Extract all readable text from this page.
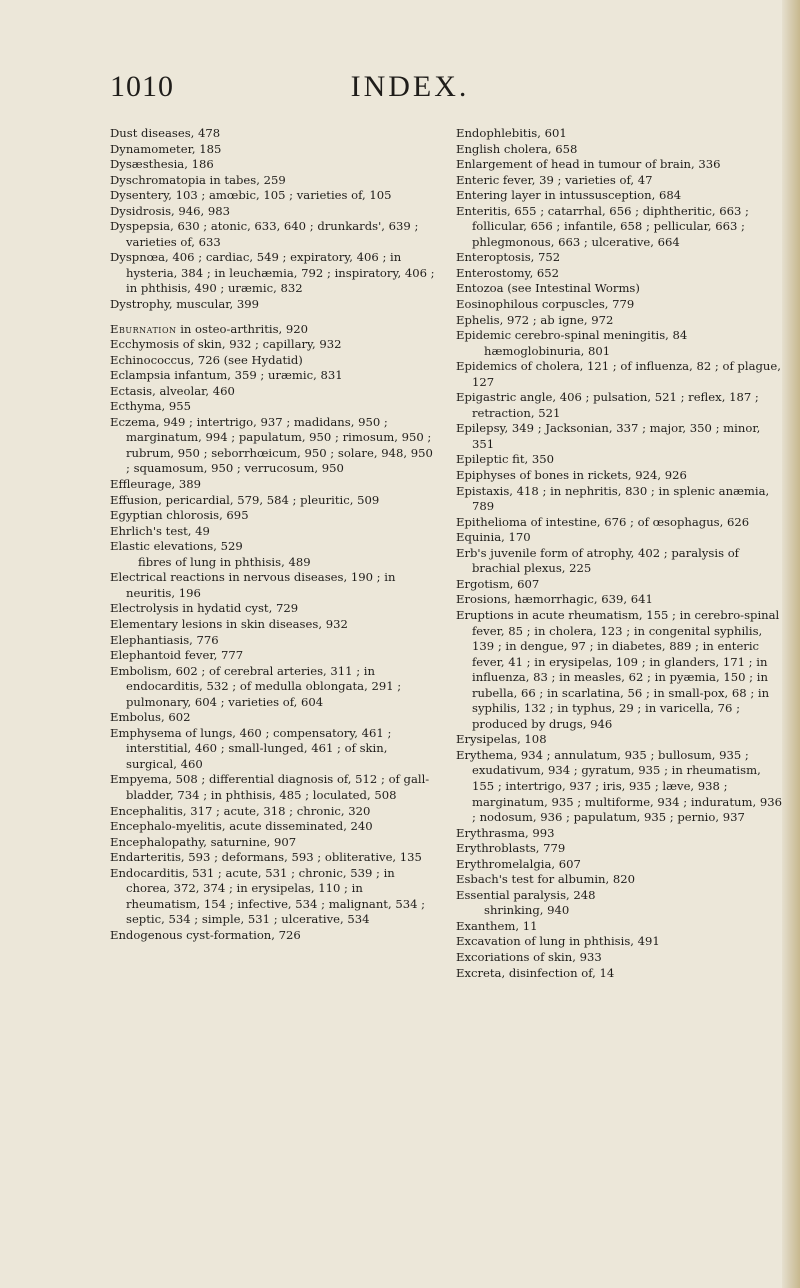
1010	INDEX.

Dust diseases, 478

Dynamometer, 185

Dysæsthesia, 186

Dyschromatopia in tabes, 259

Dysentery, 103 ; amœbic, 105 ; varieties of, 105

Dysidrosis, 946, 983

Dyspepsia, 630 ; atonic, 633, 640 ; drunkards', 639 ; varieties of, 633

Dyspnœa, 406 ; cardiac, 549 ; expiratory, 406 ; in hysteria, 384 ; in leuchæmia, 792 ; inspiratory, 406 ; in phthisis, 490 ; uræmic, 832

Dystrophy, muscular, 399

Eburnation in osteo-arthritis, 920

Ecchymosis of skin, 932 ; capillary, 932

Echinococcus, 726 (see Hydatid)

Eclampsia infantum, 359 ; uræmic, 831

Ectasis, alveolar, 460

Ecthyma, 955

Eczema, 949 ; intertrigo, 937 ; madidans, 950 ; marginatum, 994 ; papulatum, 950 ; rimosum, 950 ; rubrum, 950 ; seborrhœicum, 950 ; solare, 948, 950 ; squamosum, 950 ; verrucosum, 950

Effleurage, 389

Effusion, pericardial, 579, 584 ; pleuritic, 509

Egyptian chlorosis, 695

Ehrlich's test, 49

Elastic elevations, 529

fibres of lung in phthisis, 489

Electrical reactions in nervous diseases, 190 ; in neuritis, 196

Electrolysis in hydatid cyst, 729

Elementary lesions in skin diseases, 932

Elephantiasis, 776

Elephantoid fever, 777

Embolism, 602 ; of cerebral arteries, 311 ; in endocarditis, 532 ; of medulla oblongata, 291 ; pulmonary, 604 ; varieties of, 604

Embolus, 602

Emphysema of lungs, 460 ; compensatory, 461 ; interstitial, 460 ; small-lunged, 461 ; of skin, surgical, 460

Empyema, 508 ; differential diagnosis of, 512 ; of gall-bladder, 734 ; in phthisis, 485 ; loculated, 508

Encephalitis, 317 ; acute, 318 ; chronic, 320

Encephalo-myelitis, acute disseminated, 240

Encephalopathy, saturnine, 907

Endarteritis, 593 ; deformans, 593 ; obliterative, 135

Endocarditis, 531 ; acute, 531 ; chronic, 539 ; in chorea, 372, 374 ; in erysipelas, 110 ; in rheumatism, 154 ; infective, 534 ; malignant, 534 ; septic, 534 ; simple, 531 ; ulcerative, 534

Endogenous cyst-formation, 726

Endophlebitis, 601

English cholera, 658

Enlargement of head in tumour of brain, 336

Enteric fever, 39 ; varieties of, 47

Entering layer in intussusception, 684

Enteritis, 655 ; catarrhal, 656 ; diphtheritic, 663 ; follicular, 656 ; infantile, 658 ; pellicular, 663 ; phlegmonous, 663 ; ulcerative, 664

Enteroptosis, 752

Enterostomy, 652

Entozoa (see Intestinal Worms)

Eosinophilous corpuscles, 779

Ephelis, 972 ; ab igne, 972

Epidemic cerebro-spinal meningitis, 84

hæmoglobinuria, 801

Epidemics of cholera, 121 ; of influenza, 82 ; of plague, 127

Epigastric angle, 406 ; pulsation, 521 ; reflex, 187 ; retraction, 521

Epilepsy, 349 ; Jacksonian, 337 ; major, 350 ; minor, 351

Epileptic fit, 350

Epiphyses of bones in rickets, 924, 926

Epistaxis, 418 ; in nephritis, 830 ; in splenic anæmia, 789

Epithelioma of intestine, 676 ; of œsophagus, 626

Equinia, 170

Erb's juvenile form of atrophy, 402 ; paralysis of brachial plexus, 225

Ergotism, 607

Erosions, hæmorrhagic, 639, 641

Eruptions in acute rheumatism, 155 ; in cerebro-spinal fever, 85 ; in cholera, 123 ; in congenital syphilis, 139 ; in dengue, 97 ; in diabetes, 889 ; in enteric fever, 41 ; in erysipelas, 109 ; in glanders, 171 ; in influenza, 83 ; in measles, 62 ; in pyæmia, 150 ; in rubella, 66 ; in scarlatina, 56 ; in small-pox, 68 ; in syphilis, 132 ; in typhus, 29 ; in varicella, 76 ; produced by drugs, 946

Erysipelas, 108

Erythema, 934 ; annulatum, 935 ; bullosum, 935 ; exudativum, 934 ; gyratum, 935 ; in rheumatism, 155 ; intertrigo, 937 ; iris, 935 ; læve, 938 ; marginatum, 935 ; multiforme, 934 ; induratum, 936 ; nodosum, 936 ; papulatum, 935 ; pernio, 937

Erythrasma, 993

Erythroblasts, 779

Erythromelalgia, 607

Esbach's test for albumin, 820

Essential paralysis, 248

shrinking, 940

Exanthem, 11

Excavation of lung in phthisis, 491

Excoriations of skin, 933

Excreta, disinfection of, 14
